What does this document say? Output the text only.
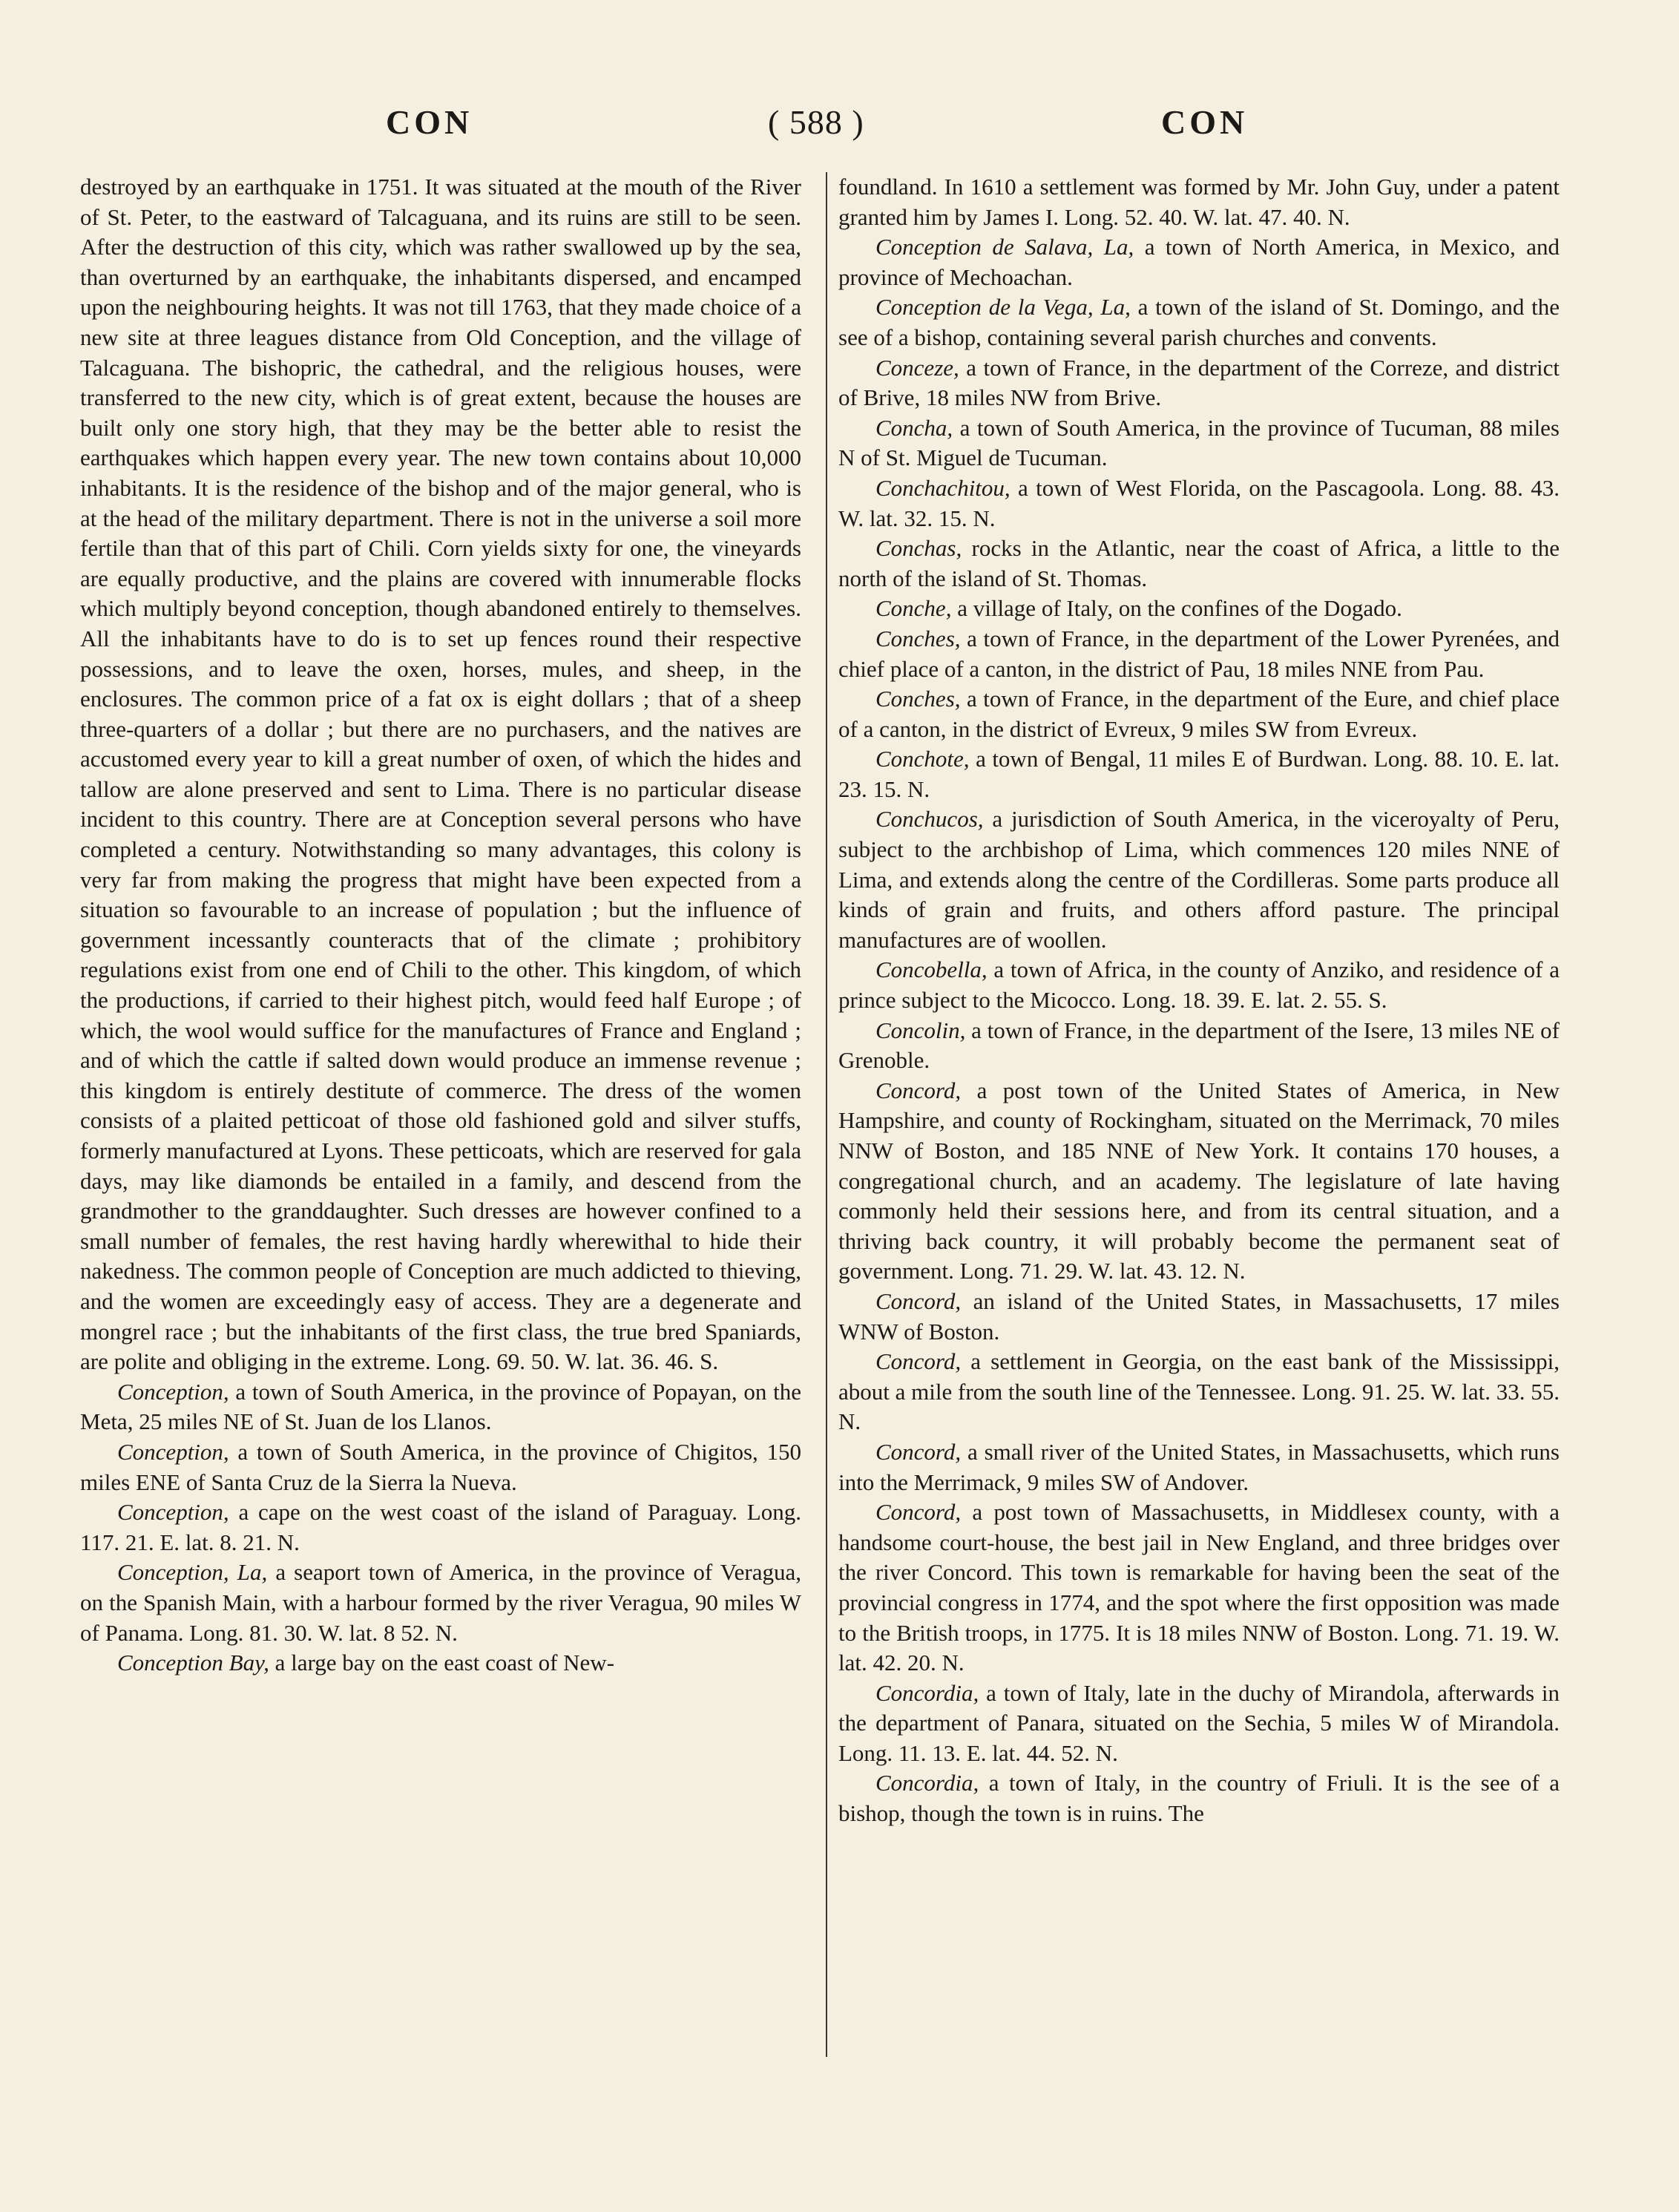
CON	( 588 )	CON

destroyed by an earthquake in 1751. It was situated at the mouth of the River of St. Peter, to the eastward of Talcaguana, and its ruins are still to be seen. After the destruction of this city, which was rather swallowed up by the sea, than overturned by an earthquake, the inhabitants dispersed, and encamped upon the neighbouring heights. It was not till 1763, that they made choice of a new site at three leagues distance from Old Conception, and the village of Talcaguana. The bishopric, the cathedral, and the religious houses, were transferred to the new city, which is of great extent, because the houses are built only one story high, that they may be the better able to resist the earthquakes which happen every year. The new town contains about 10,000 inhabitants. It is the residence of the bishop and of the major general, who is at the head of the military department. There is not in the universe a soil more fertile than that of this part of Chili. Corn yields sixty for one, the vineyards are equally productive, and the plains are covered with innumerable flocks which multiply beyond conception, though abandoned entirely to themselves. All the inhabitants have to do is to set up fences round their respective possessions, and to leave the oxen, horses, mules, and sheep, in the enclosures. The common price of a fat ox is eight dollars ; that of a sheep three-quarters of a dollar ; but there are no purchasers, and the natives are accustomed every year to kill a great number of oxen, of which the hides and tallow are alone preserved and sent to Lima. There is no particular disease incident to this country. There are at Conception several persons who have completed a century. Notwithstanding so many advantages, this colony is very far from making the progress that might have been expected from a situation so favourable to an increase of population ; but the influence of government incessantly counteracts that of the climate ; prohibitory regulations exist from one end of Chili to the other. This kingdom, of which the productions, if carried to their highest pitch, would feed half Europe ; of which, the wool would suffice for the manufactures of France and England ; and of which the cattle if salted down would produce an immense revenue ; this kingdom is entirely destitute of commerce. The dress of the women consists of a plaited petticoat of those old fashioned gold and silver stuffs, formerly manufactured at Lyons. These petticoats, which are reserved for gala days, may like diamonds be entailed in a family, and descend from the grandmother to the granddaughter. Such dresses are however confined to a small number of females, the rest having hardly wherewithal to hide their nakedness. The common people of Conception are much addicted to thieving, and the women are exceedingly easy of access. They are a degenerate and mongrel race ; but the inhabitants of the first class, the true bred Spaniards, are polite and obliging in the extreme. Long. 69. 50. W. lat. 36. 46. S.

Conception, a town of South America, in the province of Popayan, on the Meta, 25 miles NE of St. Juan de los Llanos.

Conception, a town of South America, in the province of Chigitos, 150 miles ENE of Santa Cruz de la Sierra la Nueva.

Conception, a cape on the west coast of the island of Paraguay. Long. 117. 21. E. lat. 8. 21. N.

Conception, La, a seaport town of America, in the province of Veragua, on the Spanish Main, with a harbour formed by the river Veragua, 90 miles W of Panama. Long. 81. 30. W. lat. 8 52. N.

Conception Bay, a large bay on the east coast of New-

foundland. In 1610 a settlement was formed by Mr. John Guy, under a patent granted him by James I. Long. 52. 40. W. lat. 47. 40. N.

Conception de Salava, La, a town of North America, in Mexico, and province of Mechoachan.

Conception de la Vega, La, a town of the island of St. Domingo, and the see of a bishop, containing several parish churches and convents.

Conceze, a town of France, in the department of the Correze, and district of Brive, 18 miles NW from Brive.

Concha, a town of South America, in the province of Tucuman, 88 miles N of St. Miguel de Tucuman.

Conchachitou, a town of West Florida, on the Pascagoola. Long. 88. 43. W. lat. 32. 15. N.

Conchas, rocks in the Atlantic, near the coast of Africa, a little to the north of the island of St. Thomas.

Conche, a village of Italy, on the confines of the Dogado.

Conches, a town of France, in the department of the Lower Pyrenées, and chief place of a canton, in the district of Pau, 18 miles NNE from Pau.

Conches, a town of France, in the department of the Eure, and chief place of a canton, in the district of Evreux, 9 miles SW from Evreux.

Conchote, a town of Bengal, 11 miles E of Burdwan. Long. 88. 10. E. lat. 23. 15. N.

Conchucos, a jurisdiction of South America, in the viceroyalty of Peru, subject to the archbishop of Lima, which commences 120 miles NNE of Lima, and extends along the centre of the Cordilleras. Some parts produce all kinds of grain and fruits, and others afford pasture. The principal manufactures are of woollen.

Concobella, a town of Africa, in the county of Anziko, and residence of a prince subject to the Micocco. Long. 18. 39. E. lat. 2. 55. S.

Concolin, a town of France, in the department of the Isere, 13 miles NE of Grenoble.

Concord, a post town of the United States of America, in New Hampshire, and county of Rockingham, situated on the Merrimack, 70 miles NNW of Boston, and 185 NNE of New York. It contains 170 houses, a congregational church, and an academy. The legislature of late having commonly held their sessions here, and from its central situation, and a thriving back country, it will probably become the permanent seat of government. Long. 71. 29. W. lat. 43. 12. N.

Concord, an island of the United States, in Massachusetts, 17 miles WNW of Boston.

Concord, a settlement in Georgia, on the east bank of the Mississippi, about a mile from the south line of the Tennessee. Long. 91. 25. W. lat. 33. 55. N.

Concord, a small river of the United States, in Massachusetts, which runs into the Merrimack, 9 miles SW of Andover.

Concord, a post town of Massachusetts, in Middlesex county, with a handsome court-house, the best jail in New England, and three bridges over the river Concord. This town is remarkable for having been the seat of the provincial congress in 1774, and the spot where the first opposition was made to the British troops, in 1775. It is 18 miles NNW of Boston. Long. 71. 19. W. lat. 42. 20. N.

Concordia, a town of Italy, late in the duchy of Mirandola, afterwards in the department of Panara, situated on the Sechia, 5 miles W of Mirandola. Long. 11. 13. E. lat. 44. 52. N.

Concordia, a town of Italy, in the country of Friuli. It is the see of a bishop, though the town is in ruins. The
